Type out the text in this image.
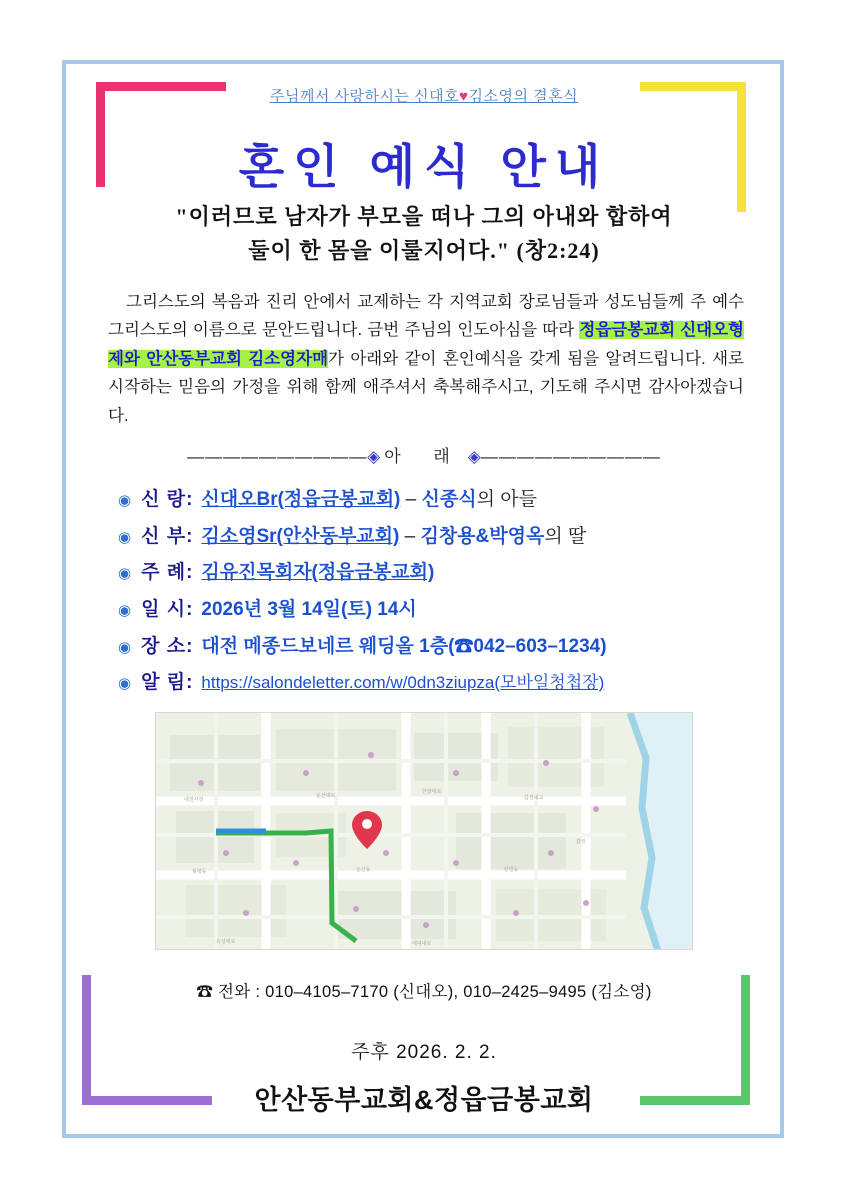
주님께서 사랑하시는 신대호♥김소영의 결혼식
혼인 예식 안내
"이러므로 남자가 부모을 떠나 그의 아내와 합하여
둘이 한 몸을 이룰지어다." (창2:24)
그리스도의 복음과 진리 안에서 교제하는 각 지역교회 장로님들과 성도님들께 주 예수 그리스도의 이름으로 문안드립니다. 금번 주님의 인도아심을 따라 정읍금봉교회 신대오형제와 안산동부교회 김소영자매가 아래와 같이 혼인예식을 갖게 됨을 알려드립니다. 새로 시작하는 믿음의 가정을 위해 함께 애주셔서 축복해주시고, 기도해 주시면 감사아겠습니다.
——————————◈ 아 래 ◈——————————
◉ 신 랑: 신대오Br(정읍금봉교회) – 신종식의 아들
◉ 신 부: 김소영Sr(안산동부교회) – 김창용&박영옥의 딸
◉ 주 례: 김유진목회자(정읍금봉교회)
◉ 일 시: 2026년 3월 14일(토) 14시
◉ 장 소: 대전 메종드보네르 웨딩올 1층(☎042–603–1234)
◉ 알 림: https://salondeletter.com/w/0dn3ziupza(모바일청첩장)
대전시청
둔산대로
한밭대로
갑천대교
월평동	둔산동	탄방동
유성대로	대덕대로
갑천
☎ 전와 : 010–4105–7170 (신대오), 010–2425–9495 (김소영)
주후 2026. 2. 2.
안산동부교회&정읍금봉교회
